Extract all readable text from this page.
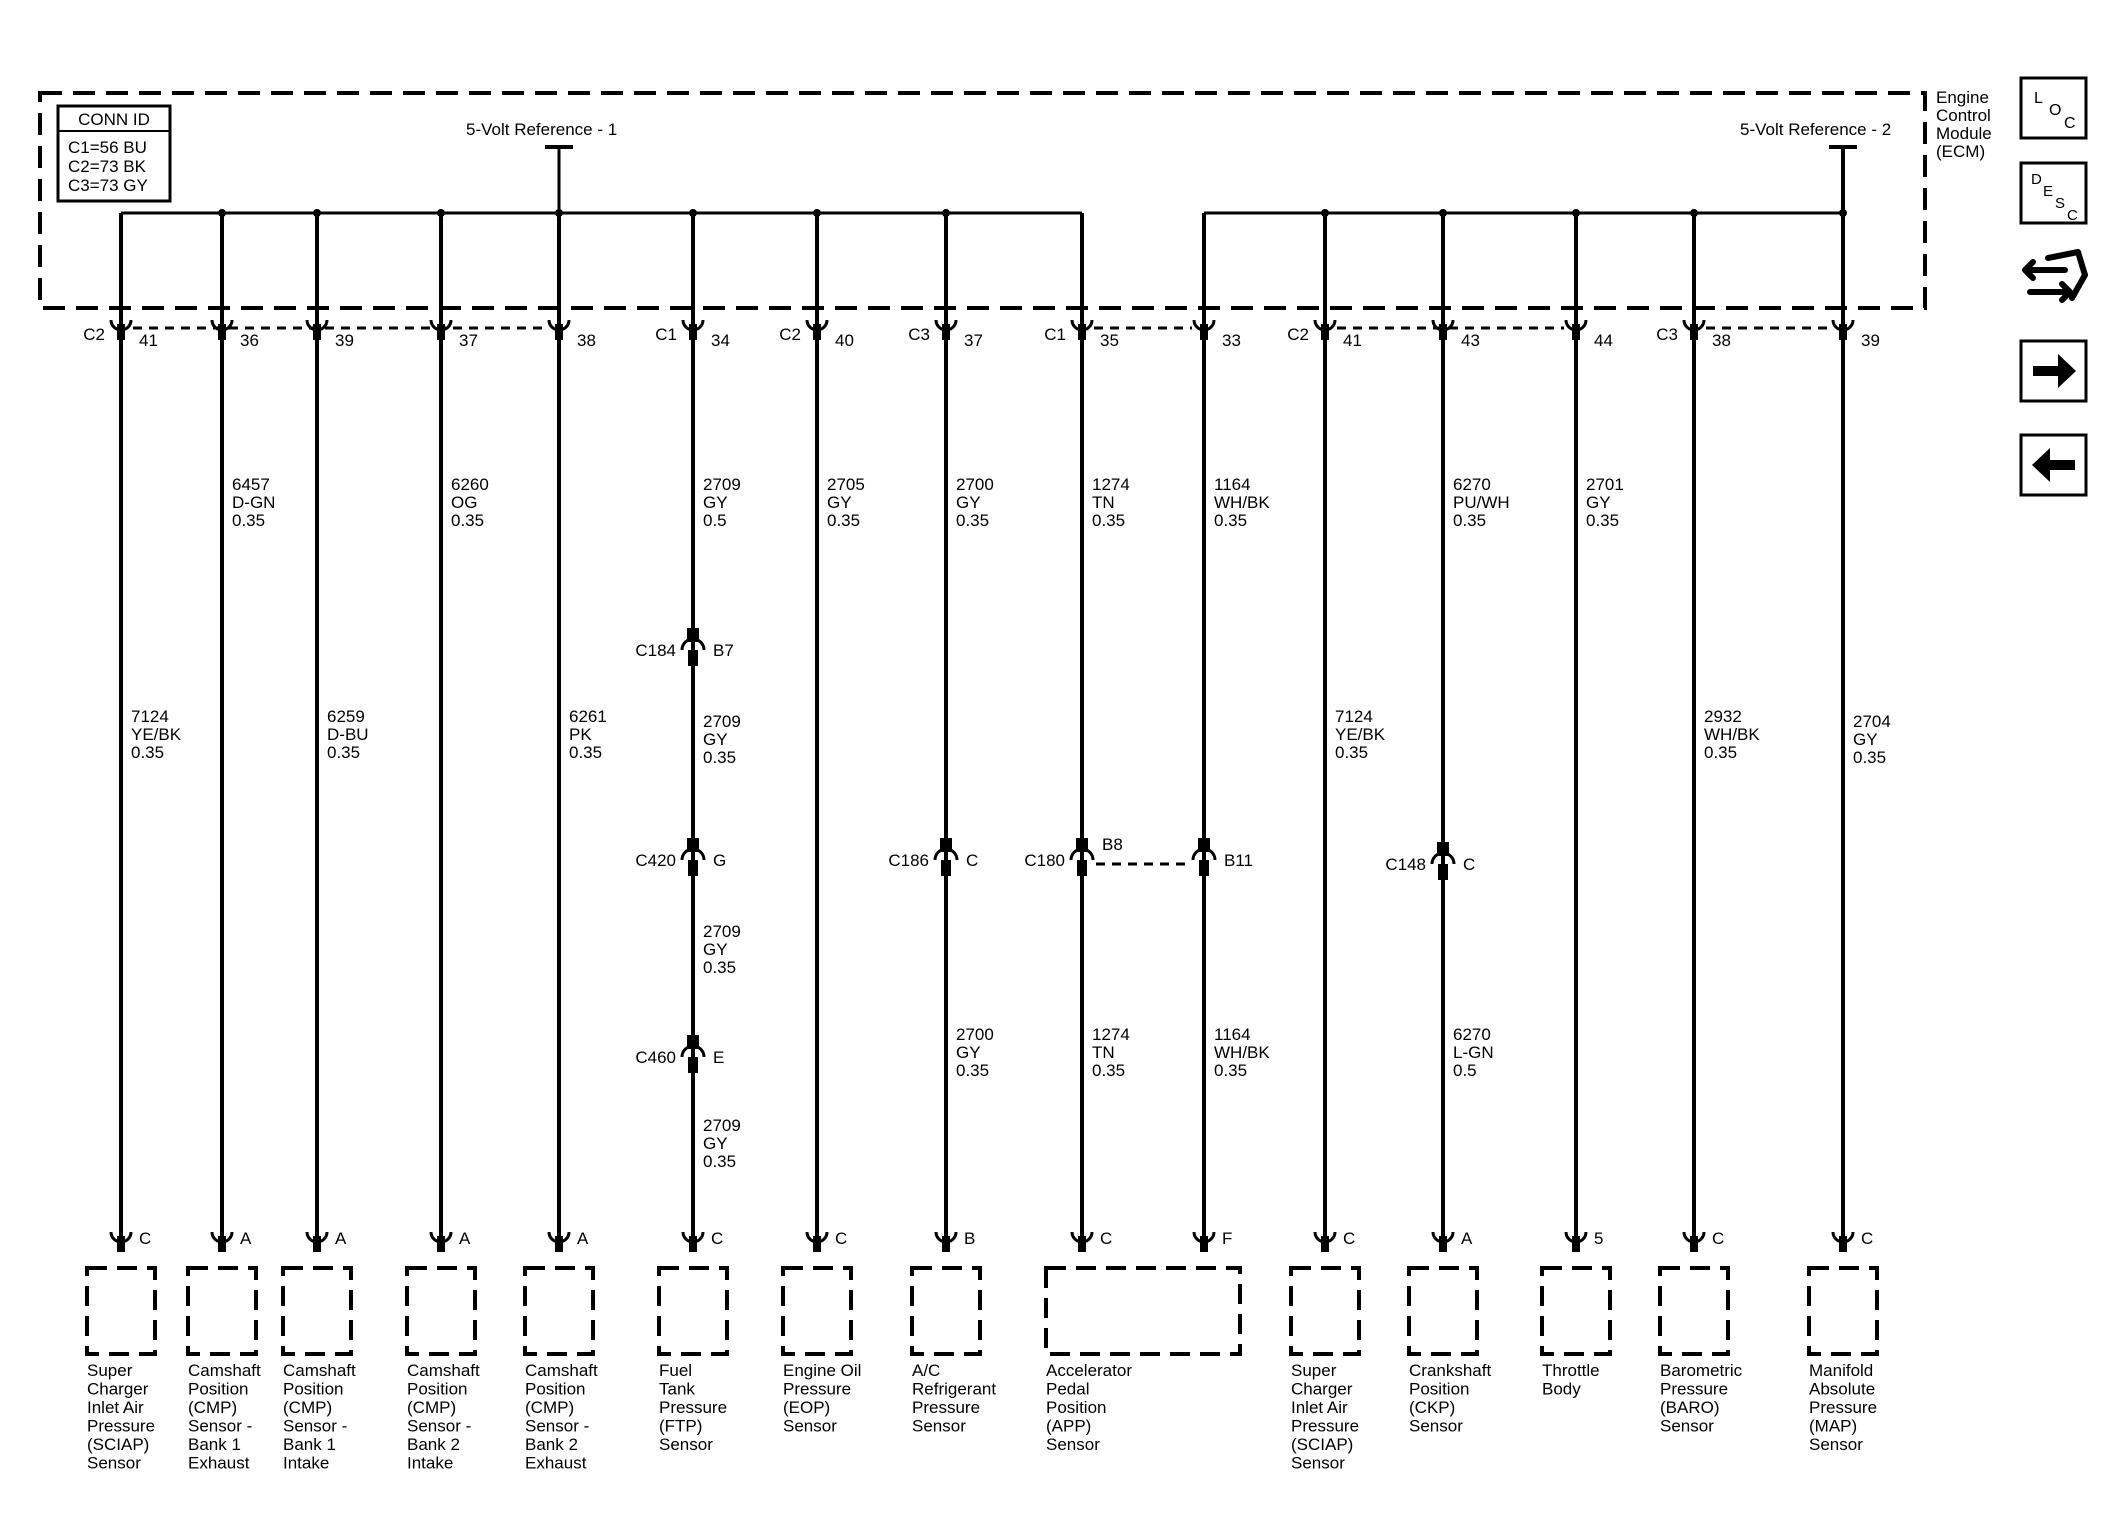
Engine
Control
Module
(ECM)
CONN ID
C1=56 BU
C2=73 BK
C3=73 GY
5-Volt Reference - 1	5-Volt Reference - 2
C2 41	36	39	37	38	C1 34	C2 40	C3 37	C1 35	33	C2 41	43	44	C3 38	39
7124
YE/BK
0.35
6457
D-GN
0.35
6259
D-BU
0.35
6260
OG
0.35
6261
PK
0.35
2709
GY
0.5
2709
GY
0.35
2709
GY
0.35
2709
GY
0.35
2705
GY
0.35
2700
GY
0.35
2700
GY
0.35
1274
TN
0.35
1274
TN
0.35
1164
WH/BK
0.35
1164
WH/BK
0.35
7124
YE/BK
0.35
6270
PU/WH
0.35
6270
L-GN
0.5
2701
GY
0.35
2932
WH/BK
0.35
2704
GY
0.35
C184 B7
C420 G
C460 E
C186 C	C180
B8
B11	C148 C
C	A	A	A	A	C	C	B	C	F	C	A	5	C	C
Super
Charger
Inlet Air
Pressure
(SCIAP)
Sensor
Camshaft
Position
(CMP)
Sensor -
Bank 1
Exhaust
Camshaft
Position
(CMP)
Sensor -
Bank 1
Intake
Camshaft
Position
(CMP)
Sensor -
Bank 2
Intake
Camshaft
Position
(CMP)
Sensor -
Bank 2
Exhaust
Fuel
Tank
Pressure
(FTP)
Sensor
Engine Oil
Pressure
(EOP)
Sensor
A/C
Refrigerant
Pressure
Sensor
Accelerator
Pedal
Position
(APP)
Sensor
Super
Charger
Inlet Air
Pressure
(SCIAP)
Sensor
Crankshaft
Position
(CKP)
Sensor
Throttle
Body
Barometric
Pressure
(BARO)
Sensor
Manifold
Absolute
Pressure
(MAP)
Sensor
L
O
C
D
E
S
C
